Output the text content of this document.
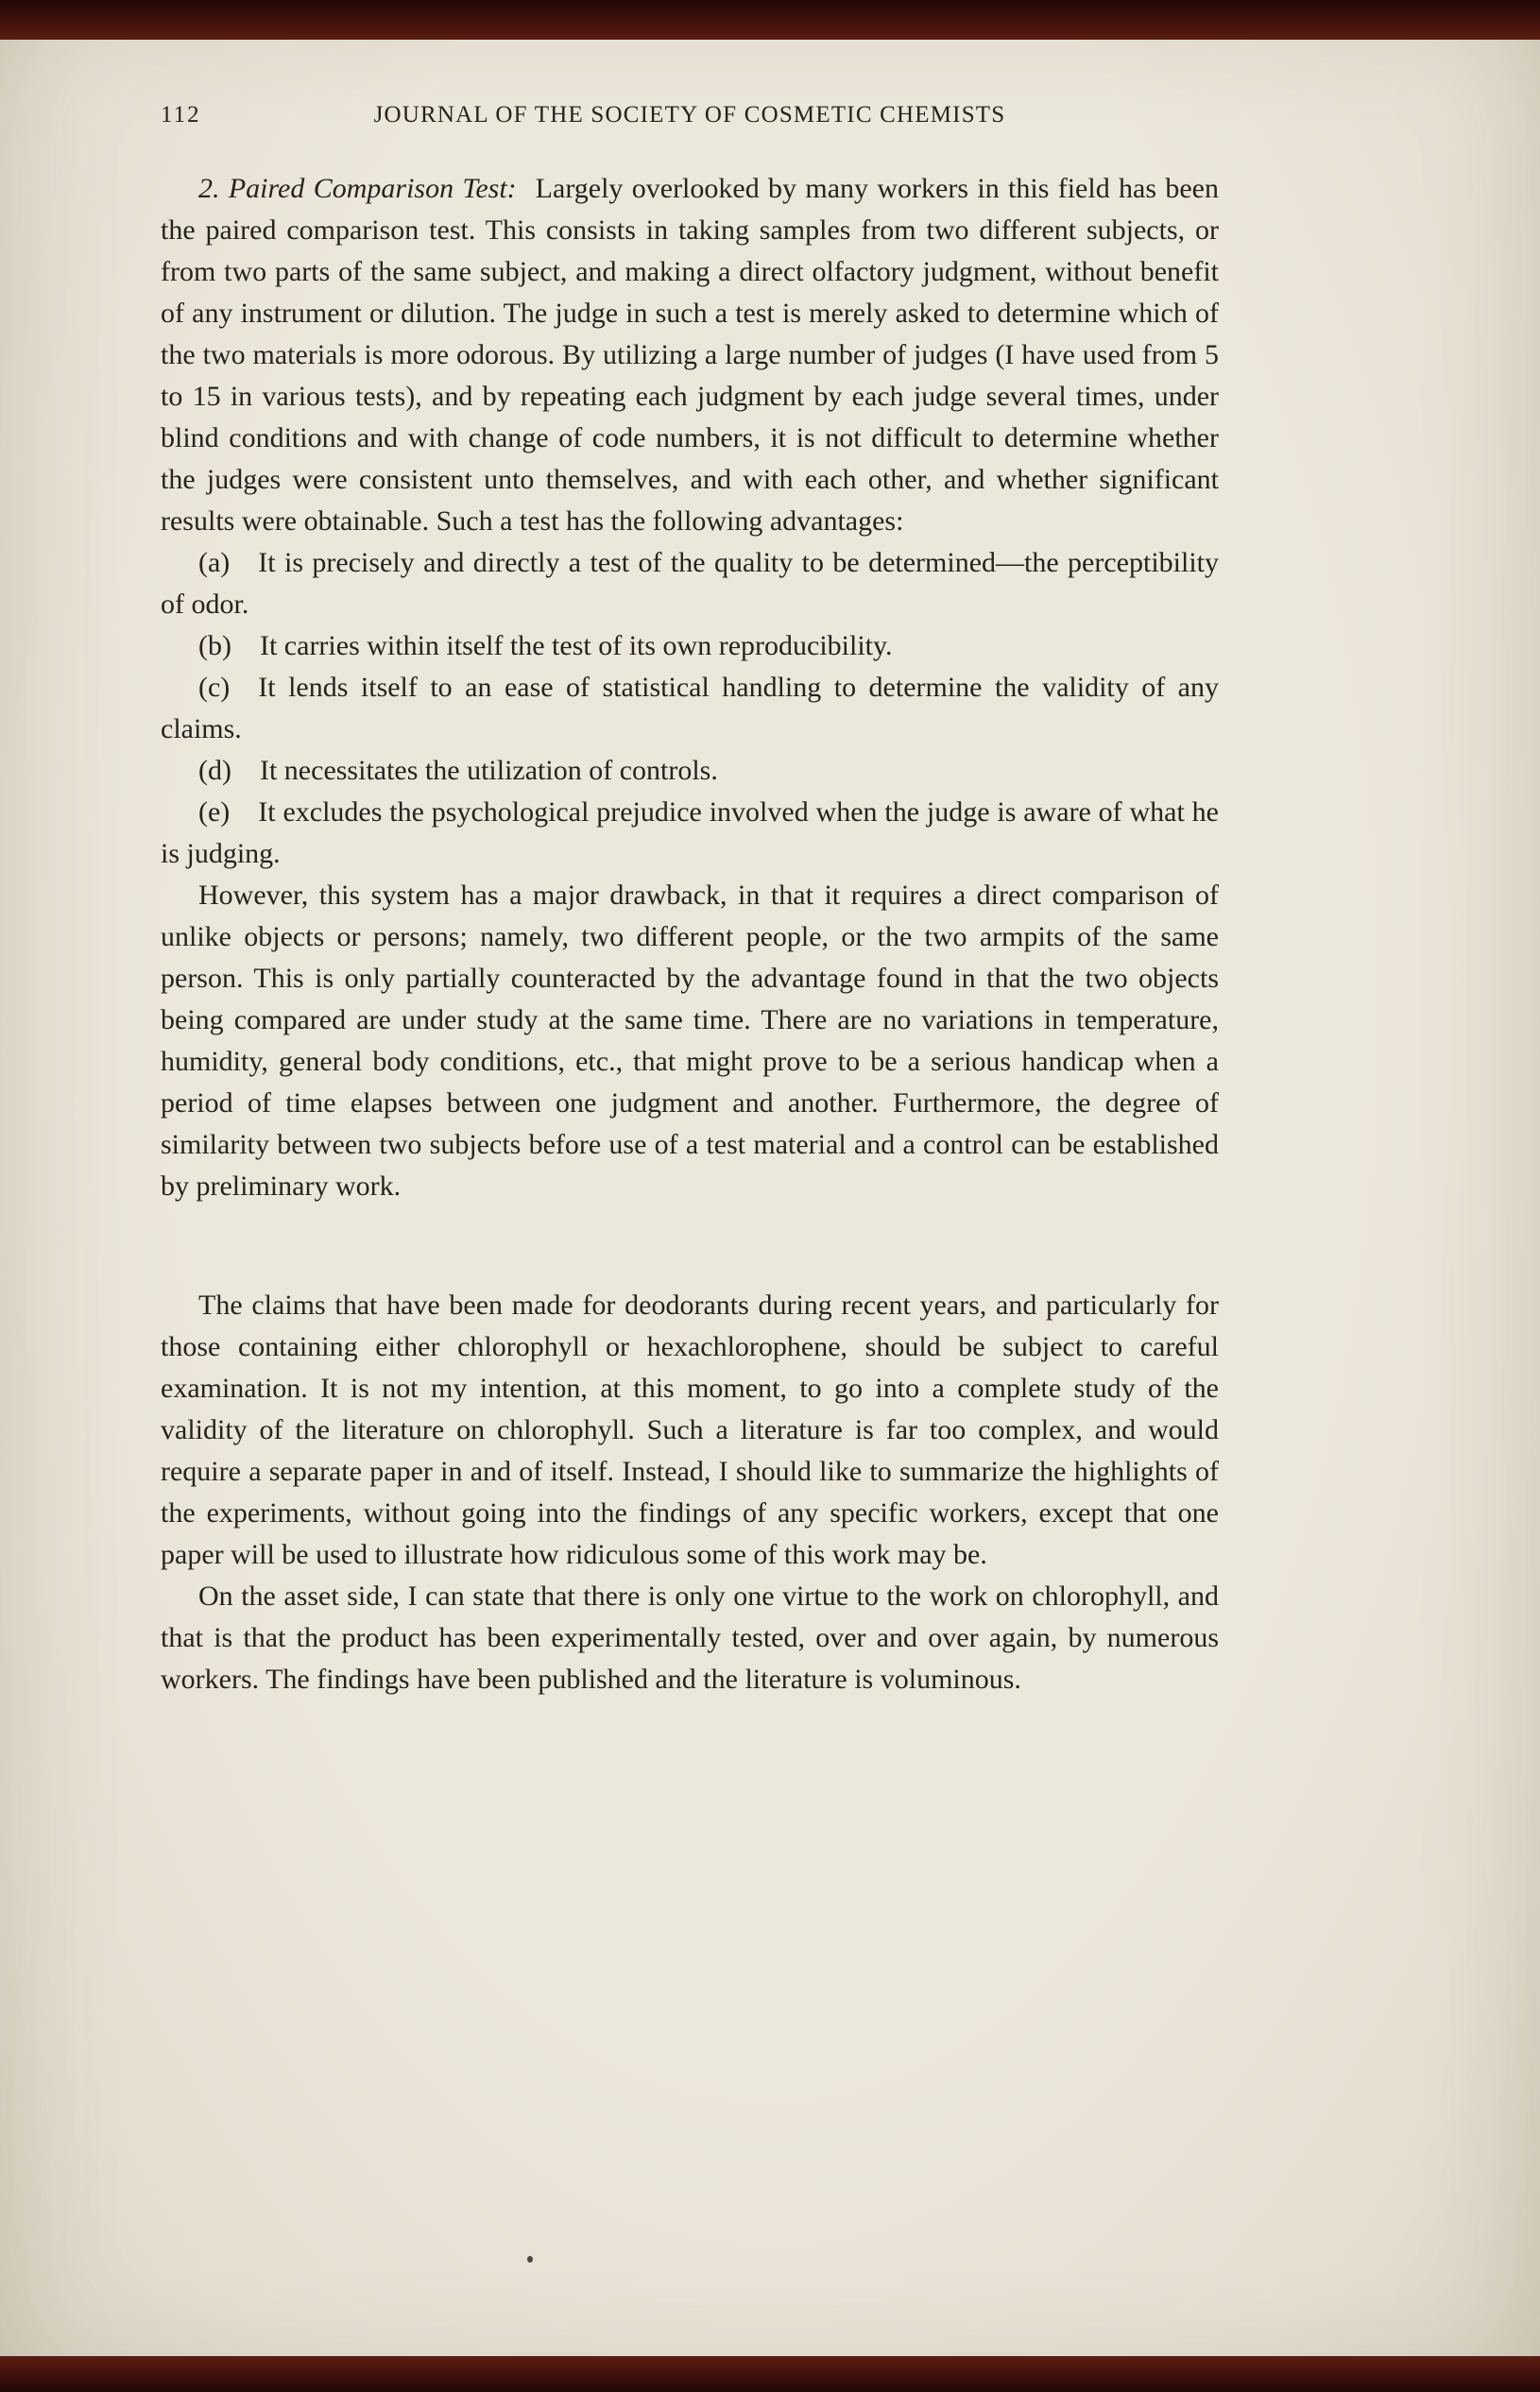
112	JOURNAL OF THE SOCIETY OF COSMETIC CHEMISTS

2. Paired Comparison Test: Largely overlooked by many workers in this field has been the paired comparison test. This consists in taking samples from two different subjects, or from two parts of the same subject, and making a direct olfactory judgment, without benefit of any instrument or dilution. The judge in such a test is merely asked to determine which of the two materials is more odorous. By utilizing a large number of judges (I have used from 5 to 15 in various tests), and by repeating each judgment by each judge several times, under blind conditions and with change of code numbers, it is not difficult to determine whether the judges were consistent unto themselves, and with each other, and whether significant results were obtainable. Such a test has the following advantages:

(a) It is precisely and directly a test of the quality to be determined—the perceptibility of odor.

(b) It carries within itself the test of its own reproducibility.

(c) It lends itself to an ease of statistical handling to determine the validity of any claims.

(d) It necessitates the utilization of controls.

(e) It excludes the psychological prejudice involved when the judge is aware of what he is judging.

However, this system has a major drawback, in that it requires a direct comparison of unlike objects or persons; namely, two different people, or the two armpits of the same person. This is only partially counteracted by the advantage found in that the two objects being compared are under study at the same time. There are no variations in temperature, humidity, general body conditions, etc., that might prove to be a serious handicap when a period of time elapses between one judgment and another. Furthermore, the degree of similarity between two subjects before use of a test material and a control can be established by preliminary work.

The claims that have been made for deodorants during recent years, and particularly for those containing either chlorophyll or hexachlorophene, should be subject to careful examination. It is not my intention, at this moment, to go into a complete study of the validity of the literature on chlorophyll. Such a literature is far too complex, and would require a separate paper in and of itself. Instead, I should like to summarize the highlights of the experiments, without going into the findings of any specific workers, except that one paper will be used to illustrate how ridiculous some of this work may be.

On the asset side, I can state that there is only one virtue to the work on chlorophyll, and that is that the product has been experimentally tested, over and over again, by numerous workers. The findings have been published and the literature is voluminous.
